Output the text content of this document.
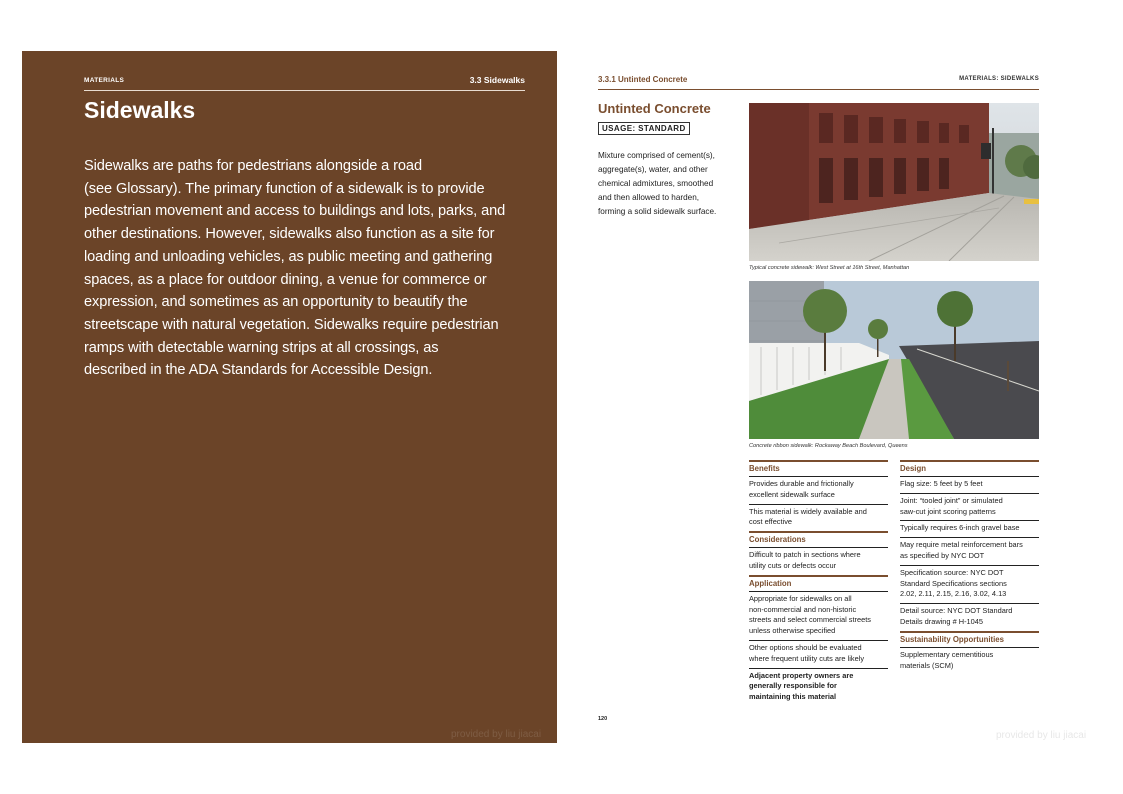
MATERIALS	3.3 Sidewalks
Sidewalks

Sidewalks are paths for pedestrians alongside a road
(see Glossary). The primary function of a sidewalk is to provide
pedestrian movement and access to buildings and lots, parks, and
other destinations. However, sidewalks also function as a site for
loading and unloading vehicles, as public meeting and gathering
spaces, as a place for outdoor dining, a venue for commerce or
expression, and sometimes as an opportunity to beautify the
streetscape with natural vegetation. Sidewalks require pedestrian
ramps with detectable warning strips at all crossings, as
described in the ADA Standards for Accessible Design.

provided by liu jiacai
3.3.1 Untinted Concrete	MATERIALS: SIDEWALKS
Untinted Concrete
USAGE: STANDARD

Mixture comprised of cement(s),
aggregate(s), water, and other
chemical admixtures, smoothed
and then allowed to harden,
forming a solid sidewalk surface.

Typical concrete sidewalk: West Street at 16th Street, Manhattan
Concrete ribbon sidewalk: Rockaway Beach Boulevard, Queens
Benefits
Provides durable and frictionally
excellent sidewalk surface
This material is widely available and
cost effective
Considerations
Difficult to patch in sections where
utility cuts or defects occur
Application
Appropriate for sidewalks on all
non-commercial and non-historic
streets and select commercial streets
unless otherwise specified
Other options should be evaluated
where frequent utility cuts are likely
Adjacent property owners are
generally responsible for
maintaining this material
Design
Flag size: 5 feet by 5 feet
Joint: “tooled joint” or simulated
saw-cut joint scoring patterns
Typically requires 6-inch gravel base
May require metal reinforcement bars
as specified by NYC DOT
Specification source: NYC DOT
Standard Specifications sections
2.02, 2.11, 2.15, 2.16, 3.02, 4.13
Detail source: NYC DOT Standard
Details drawing # H-1045
Sustainability Opportunities
Supplementary cementitious
materials (SCM)
120
provided by liu jiacai
